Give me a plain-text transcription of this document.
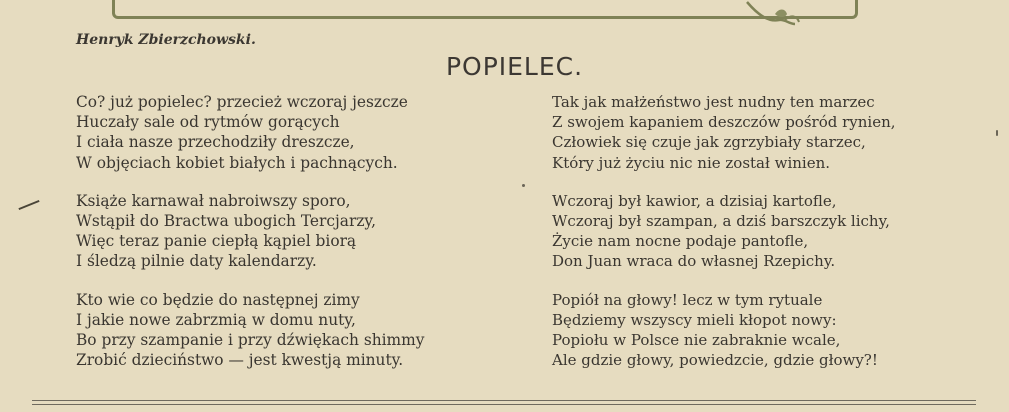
Henryk Zbierzchowski.
POPIELEC.
Co? już popielec? przecież wczoraj jeszcze
Huczały sale od rytmów gorących
I ciała nasze przechodziły dreszcze,
W objęciach kobiet białych i pachnących.
Książe karnawał nabroiwszy sporo,
Wstąpił do Bractwa ubogich Tercjarzy,
Więc teraz panie ciepłą kąpiel biorą
I śledzą pilnie daty kalendarzy.
Kto wie co będzie do następnej zimy
I jakie nowe zabrzmią w domu nuty,
Bo przy szampanie i przy dźwiękach shimmy
Zrobić dzieciństwo — jest kwestją minuty.
Tak jak małżeństwo jest nudny ten marzec
Z swojem kapaniem deszczów pośród rynien,
Człowiek się czuje jak zgrzybiały starzec,
Który już życiu nic nie został winien.
Wczoraj był kawior, a dzisiaj kartofle,
Wczoraj był szampan, a dziś barszczyk lichy,
Życie nam nocne podaje pantofle,
Don Juan wraca do własnej Rzepichy.
Popiół na głowy! lecz w tym rytuale
Będziemy wszyscy mieli kłopot nowy:
Popiołu w Polsce nie zabraknie wcale,
Ale gdzie głowy, powiedzcie, gdzie głowy?!
